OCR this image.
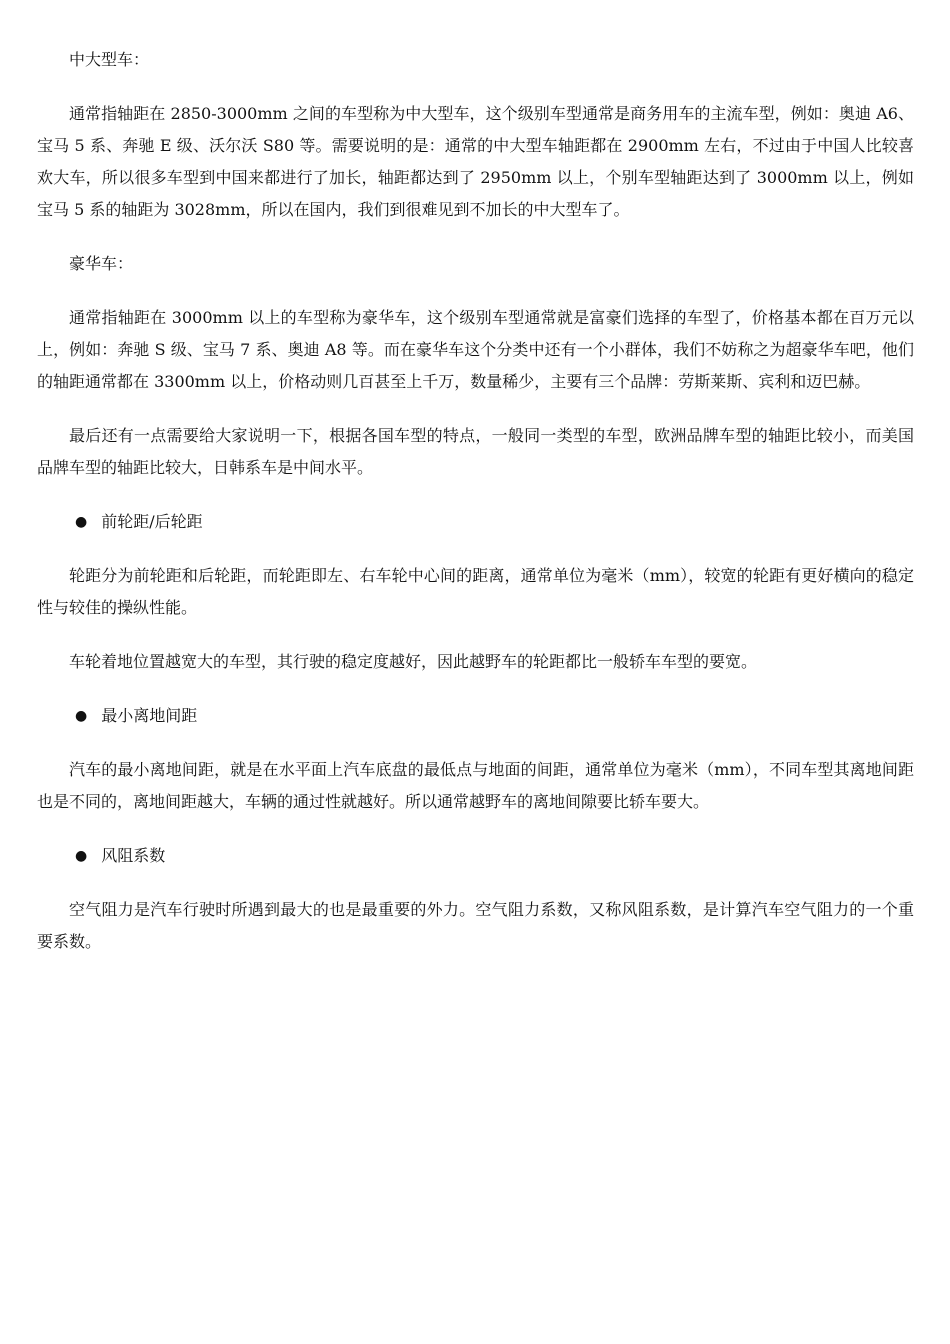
中大型车：

通常指轴距在 2850-3000mm 之间的车型称为中大型车，这个级别车型通常是商务用车的主流车型，例如：奥迪 A6、宝马 5 系、奔驰 E 级、沃尔沃 S80 等。需要说明的是：通常的中大型车轴距都在 2900mm 左右，不过由于中国人比较喜欢大车，所以很多车型到中国来都进行了加长，轴距都达到了 2950mm 以上，个别车型轴距达到了 3000mm 以上，例如宝马 5 系的轴距为 3028mm，所以在国内，我们到很难见到不加长的中大型车了。

豪华车：

通常指轴距在 3000mm 以上的车型称为豪华车，这个级别车型通常就是富豪们选择的车型了，价格基本都在百万元以上，例如：奔驰 S 级、宝马 7 系、奥迪 A8 等。而在豪华车这个分类中还有一个小群体，我们不妨称之为超豪华车吧，他们的轴距通常都在 3300mm 以上，价格动则几百甚至上千万，数量稀少，主要有三个品牌：劳斯莱斯、宾利和迈巴赫。

最后还有一点需要给大家说明一下，根据各国车型的特点，一般同一类型的车型，欧洲品牌车型的轴距比较小，而美国品牌车型的轴距比较大，日韩系车是中间水平。

● 前轮距/后轮距

轮距分为前轮距和后轮距，而轮距即左、右车轮中心间的距离，通常单位为毫米（mm），较宽的轮距有更好横向的稳定性与较佳的操纵性能。

车轮着地位置越宽大的车型，其行驶的稳定度越好，因此越野车的轮距都比一般轿车车型的要宽。

● 最小离地间距

汽车的最小离地间距，就是在水平面上汽车底盘的最低点与地面的间距，通常单位为毫米（mm），不同车型其离地间距也是不同的，离地间距越大，车辆的通过性就越好。所以通常越野车的离地间隙要比轿车要大。

● 风阻系数

空气阻力是汽车行驶时所遇到最大的也是最重要的外力。空气阻力系数，又称风阻系数，是计算汽车空气阻力的一个重要系数。
